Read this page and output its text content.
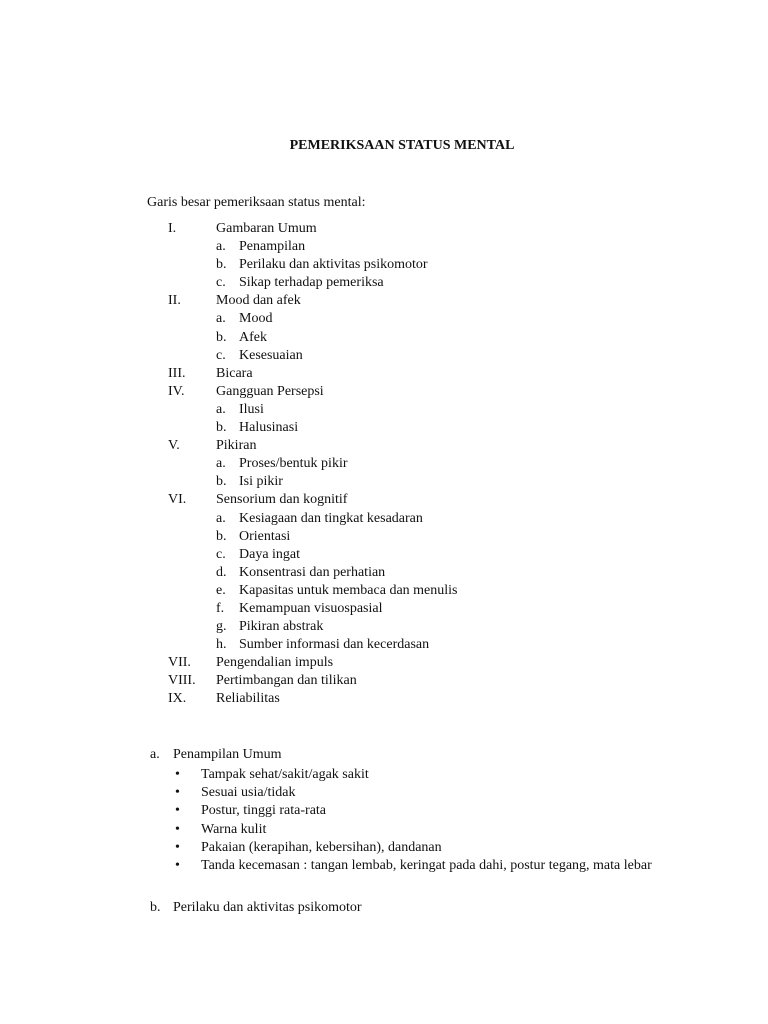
PEMERIKSAAN STATUS MENTAL
Garis besar pemeriksaan status mental:
I.	Gambaran Umum
a. Penampilan
b. Perilaku dan aktivitas psikomotor
c. Sikap terhadap pemeriksa
II.	Mood dan afek
a. Mood
b. Afek
c. Kesesuaian
III. Bicara
IV. Gangguan Persepsi
a. Ilusi
b. Halusinasi
V.	Pikiran
a. Proses/bentuk pikir
b. Isi pikir
VI. Sensorium dan kognitif
a. Kesiagaan dan tingkat kesadaran
b. Orientasi
c. Daya ingat
d. Konsentrasi dan perhatian
e. Kapasitas untuk membaca dan menulis
f. Kemampuan visuospasial
g. Pikiran abstrak
h. Sumber informasi dan kecerdasan
VII. Pengendalian impuls
VIII. Pertimbangan dan tilikan
IX. Reliabilitas
a. Penampilan Umum
• Tampak sehat/sakit/agak sakit
• Sesuai usia/tidak
• Postur, tinggi rata-rata
• Warna kulit
• Pakaian (kerapihan, kebersihan), dandanan
• Tanda kecemasan : tangan lembab, keringat pada dahi, postur tegang, mata lebar
b. Perilaku dan aktivitas psikomotor
